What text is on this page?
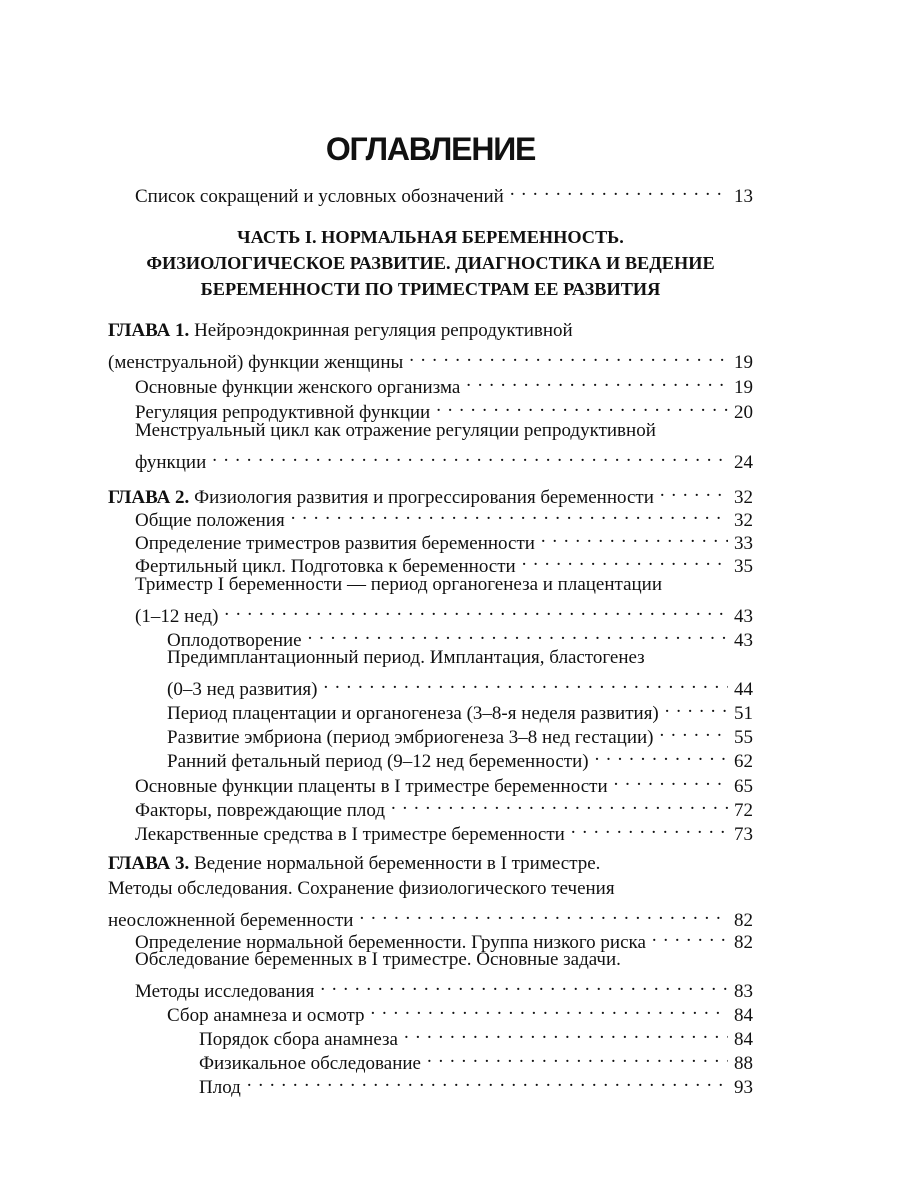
ОГЛАВЛЕНИЕ
Список сокращений и условных обозначений . . .	13
ЧАСТЬ I. НОРМАЛЬНАЯ БЕРЕМЕННОСТЬ.
ФИЗИОЛОГИЧЕСКОЕ РАЗВИТИЕ. ДИАГНОСТИКА И ВЕДЕНИЕ
БЕРЕМЕННОСТИ ПО ТРИМЕСТРАМ ЕЕ РАЗВИТИЯ
ГЛАВА 1. Нейроэндокринная регуляция репродуктивной
(менструальной) функции женщины . . .	19
Основные функции женского организма . . .	19
Регуляция репродуктивной функции . . .	20
Менструальный цикл как отражение регуляции репродуктивной
функции . . .	24
ГЛАВА 2. Физиология развития и прогрессирования беременности . . .	32
Общие положения . . .	32
Определение триместров развития беременности . . .	33
Фертильный цикл. Подготовка к беременности . . .	35
Триместр I беременности — период органогенеза и плацентации
(1–12 нед) . . .	43
Оплодотворение . . .	43
Предимплантационный период. Имплантация, бластогенез
(0–3 нед развития) . . .	44
Период плацентации и органогенеза (3–8-я неделя развития) . . .	51
Развитие эмбриона (период эмбриогенеза 3–8 нед гестации) . . .	55
Ранний фетальный период (9–12 нед беременности) . . .	62
Основные функции плаценты в I триместре беременности . . .	65
Факторы, повреждающие плод . . .	72
Лекарственные средства в I триместре беременности . . .	73
ГЛАВА 3. Ведение нормальной беременности в I триместре.
Методы обследования. Сохранение физиологического течения
неосложненной беременности . . .	82
Определение нормальной беременности. Группа низкого риска . . .	82
Обследование беременных в I триместре. Основные задачи.
Методы исследования . . .	83
Сбор анамнеза и осмотр . . .	84
Порядок сбора анамнеза . . .	84
Физикальное обследование . . .	88
Плод . . .	93
